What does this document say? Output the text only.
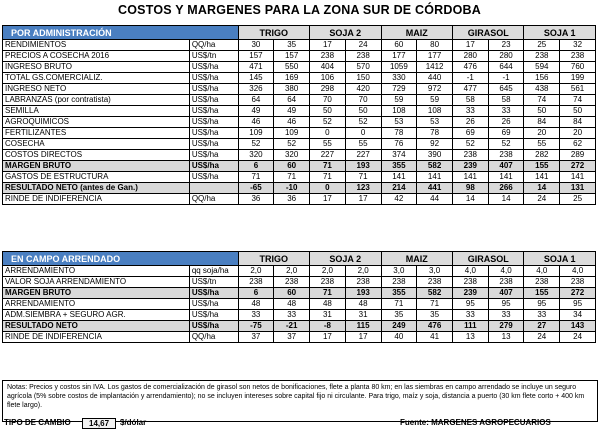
COSTOS Y MARGENES PARA LA ZONA SUR DE CÓRDOBA
POR ADMINISTRACIÓN		TRIGO		SOJA 2		MAIZ		GIRASOL		SOJA 1	
RENDIMIENTOS	QQ/ha	30	35	17	24	60	80	17	23	25	32
PRECIOS A COSECHA 2016	US$/tn	157	157	238	238	177	177	280	280	238	238
INGRESO BRUTO	US$/ha	471	550	404	570	1059	1412	476	644	594	760
TOTAL GS.COMERCIALIZ.	US$/ha	145	169	106	150	330	440	-1	-1	156	199
INGRESO NETO	US$/ha	326	380	298	420	729	972	477	645	438	561
LABRANZAS (por contratista)	US$/ha	64	64	70	70	59	59	58	58	74	74
SEMILLA	US$/ha	49	49	50	50	108	108	33	33	50	50
AGROQUIMICOS	US$/ha	46	46	52	52	53	53	26	26	84	84
FERTILIZANTES	US$/ha	109	109	0	0	78	78	69	69	20	20
COSECHA	US$/ha	52	52	55	55	76	92	52	52	55	62
COSTOS DIRECTOS	US$/ha	320	320	227	227	374	390	238	238	282	289
MARGEN BRUTO	US$/ha	6	60	71	193	355	582	239	407	155	272
GASTOS DE ESTRUCTURA	US$/ha	71	71	71	71	141	141	141	141	141	141
RESULTADO NETO (antes de Gan.)		-65	-10	0	123	214	441	98	266	14	131
RINDE DE INDIFERENCIA	QQ/ha	36	36	17	17	42	44	14	14	24	25
EN CAMPO ARRENDADO		TRIGO		SOJA 2		MAIZ		GIRASOL		SOJA 1	
ARRENDAMIENTO	qq soja/ha	2,0	2,0	2,0	2,0	3,0	3,0	4,0	4,0	4,0	4,0
VALOR SOJA ARRENDAMIENTO	US$/tn	238	238	238	238	238	238	238	238	238	238
MARGEN BRUTO	US$/ha	6	60	71	193	355	582	239	407	155	272
ARRENDAMIENTO	US$/ha	48	48	48	48	71	71	95	95	95	95
ADM.SIEMBRA + SEGURO AGR.	US$/ha	33	33	31	31	35	35	33	33	33	34
RESULTADO NETO	US$/ha	-75	-21	-8	115	249	476	111	279	27	143
RINDE DE INDIFERENCIA	QQ/ha	37	37	17	17	40	41	13	13	24	24
Notas: Precios y costos sin IVA. Los gastos de comercialización de girasol son netos de bonificaciones, flete a planta 80 km; en las siembras en campo arrendado se incluye un seguro agrícola (5% sobre costos de implantación y arrendamiento); no se incluyen intereses sobre capital fijo ni circulante. Para trigo, maíz y soja, distancia a puerto (30 km flete corto + 400 km flete largo).
TIPO DE CAMBIO	14,67	$/dólar	Fuente: MARGENES AGROPECUARIOS
